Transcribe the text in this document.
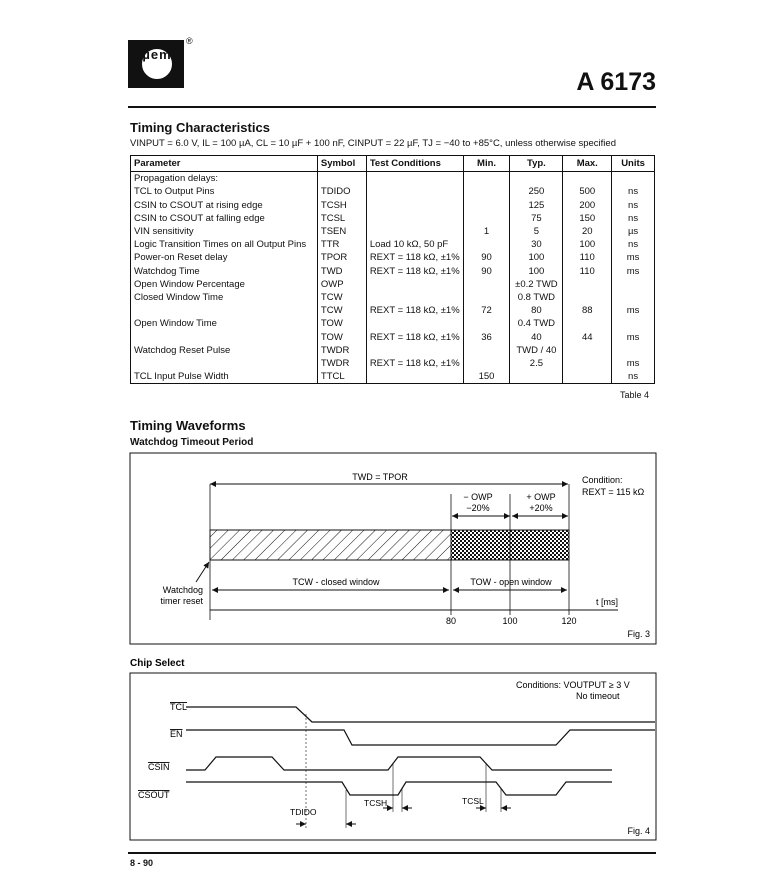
µem
®
A 6173
Timing Characteristics
VINPUT = 6.0 V, IL = 100 µA, CL = 10 µF + 100 nF, CINPUT = 22 µF, TJ = −40 to +85°C, unless otherwise specified
Parameter	Symbol	Test Conditions	Min.	Typ.	Max.	Units
Propagation delays:						
TCL to Output Pins	TDIDO			250	500	ns
CSIN to CSOUT at rising edge	TCSH			125	200	ns
CSIN to CSOUT at falling edge	TCSL			75	150	ns
VIN sensitivity	TSEN		1	5	20	µs
Logic Transition Times on all Output Pins	TTR	Load 10 kΩ, 50 pF		30	100	ns
Power-on Reset delay	TPOR	REXT = 118 kΩ, ±1%	90	100	110	ms
Watchdog Time	TWD	REXT = 118 kΩ, ±1%	90	100	110	ms
Open Window Percentage	OWP			±0.2 TWD		
Closed Window Time	TCW			0.8 TWD		
	TCW	REXT = 118 kΩ, ±1%	72	80	88	ms
Open Window Time	TOW			0.4 TWD		
	TOW	REXT = 118 kΩ, ±1%	36	40	44	ms
Watchdog Reset Pulse	TWDR			TWD / 40		
	TWDR	REXT = 118 kΩ, ±1%		2.5		ms
TCL Input Pulse Width	TTCL		150			ns
Table 4
Timing Waveforms
Watchdog Timeout Period
TWD = TPOR	Condition:
REXT = 115 kΩ
− OWP
−20%
+ OWP
+20%
TCW - closed window	TOW - open window
Watchdog
timer reset	t [ms]
80	100	120
Fig. 3
Chip Select
Conditions: VOUTPUT ≥ 3 V
No timeout
TCL
EN
CSIN
CSOUT
TDIDO
TCSH	TCSL
Fig. 4
8 - 90
